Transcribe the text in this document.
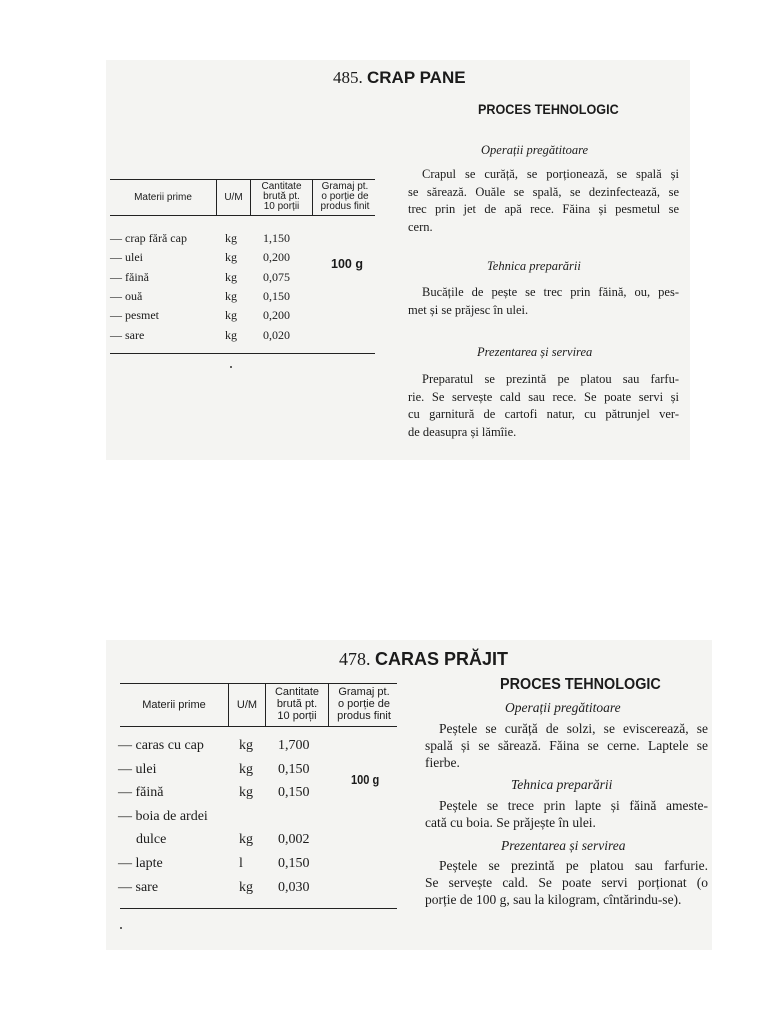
485. CRAP PANE
PROCES TEHNOLOGIC
Materii prime	U/M
Cantitate
brută pt.
10 porții
Gramaj pt.
o porție de
produs finit
— crap fără cap	kg 1,150
— ulei	kg 0,200
— făină	kg 0,075
— ouă	kg 0,150
— pesmet	kg 0,200
— sare	kg 0,020
100 g
Operații pregătitoare
Crapul se curăță, se porționează, se spală și
se sărează. Ouăle se spală, se dezinfectează, se
trec prin jet de apă rece. Făina și pesmetul se
cern.
Tehnica preparării
Bucățile de pește se trec prin făină, ou, pes-
met și se prăjesc în ulei.
Prezentarea și servirea
Preparatul se prezintă pe platou sau farfu-
rie. Se servește cald sau rece. Se poate servi și
cu garnitură de cartofi natur, cu pătrunjel ver-
de deasupra și lămîie.
478. CARAS PRĂJIT
PROCES TEHNOLOGIC
Materii prime	U/M
Cantitate
brută pt.
10 porții
Gramaj pt.
o porție de
produs finit
— caras cu cap	kg 1,700
— ulei	kg 0,150
— făină	kg 0,150
— boia de ardei
dulce	kg 0,002
— lapte	l	0,150
— sare	kg 0,030
100 g
Operații pregătitoare
Peștele se curăță de solzi, se eviscerează, se
spală și se sărează. Făina se cerne. Laptele se
fierbe.
Tehnica preparării
Peștele se trece prin lapte și făină ameste-
cată cu boia. Se prăjește în ulei.
Prezentarea și servirea
Peștele se prezintă pe platou sau farfurie.
Se servește cald. Se poate servi porționat (o
porție de 100 g, sau la kilogram, cîntărindu-se).
